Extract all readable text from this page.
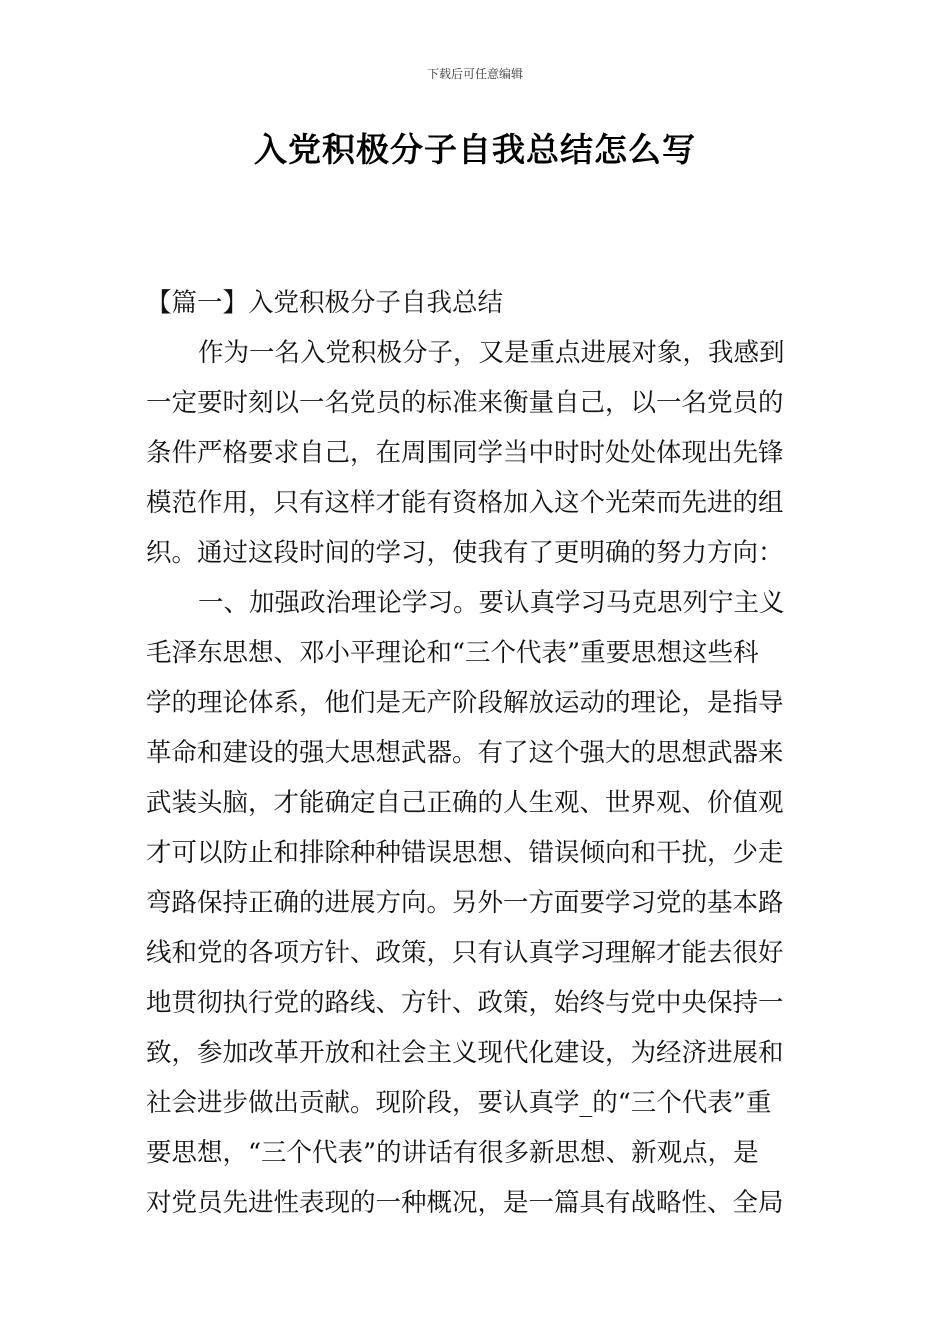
下载后可任意编辑
入党积极分子自我总结怎么写
【篇一】入党积极分子自我总结
作为一名入党积极分子，又是重点进展对象，我感到
一定要时刻以一名党员的标准来衡量自己，以一名党员的
条件严格要求自己，在周围同学当中时时处处体现出先锋
模范作用，只有这样才能有资格加入这个光荣而先进的组
织。通过这段时间的学习，使我有了更明确的努力方向：
一、加强政治理论学习。要认真学习马克思列宁主义
毛泽东思想、邓小平理论和“三个代表”重要思想这些科
学的理论体系，他们是无产阶段解放运动的理论，是指导
革命和建设的强大思想武器。有了这个强大的思想武器来
武装头脑，才能确定自己正确的人生观、世界观、价值观
才可以防止和排除种种错误思想、错误倾向和干扰，少走
弯路保持正确的进展方向。另外一方面要学习党的基本路
线和党的各项方针、政策，只有认真学习理解才能去很好
地贯彻执行党的路线、方针、政策，始终与党中央保持一
致，参加改革开放和社会主义现代化建设，为经济进展和
社会进步做出贡献。现阶段，要认真学_的“三个代表”重
要思想，“三个代表”的讲话有很多新思想、新观点，是
对党员先进性表现的一种概况，是一篇具有战略性、全局
